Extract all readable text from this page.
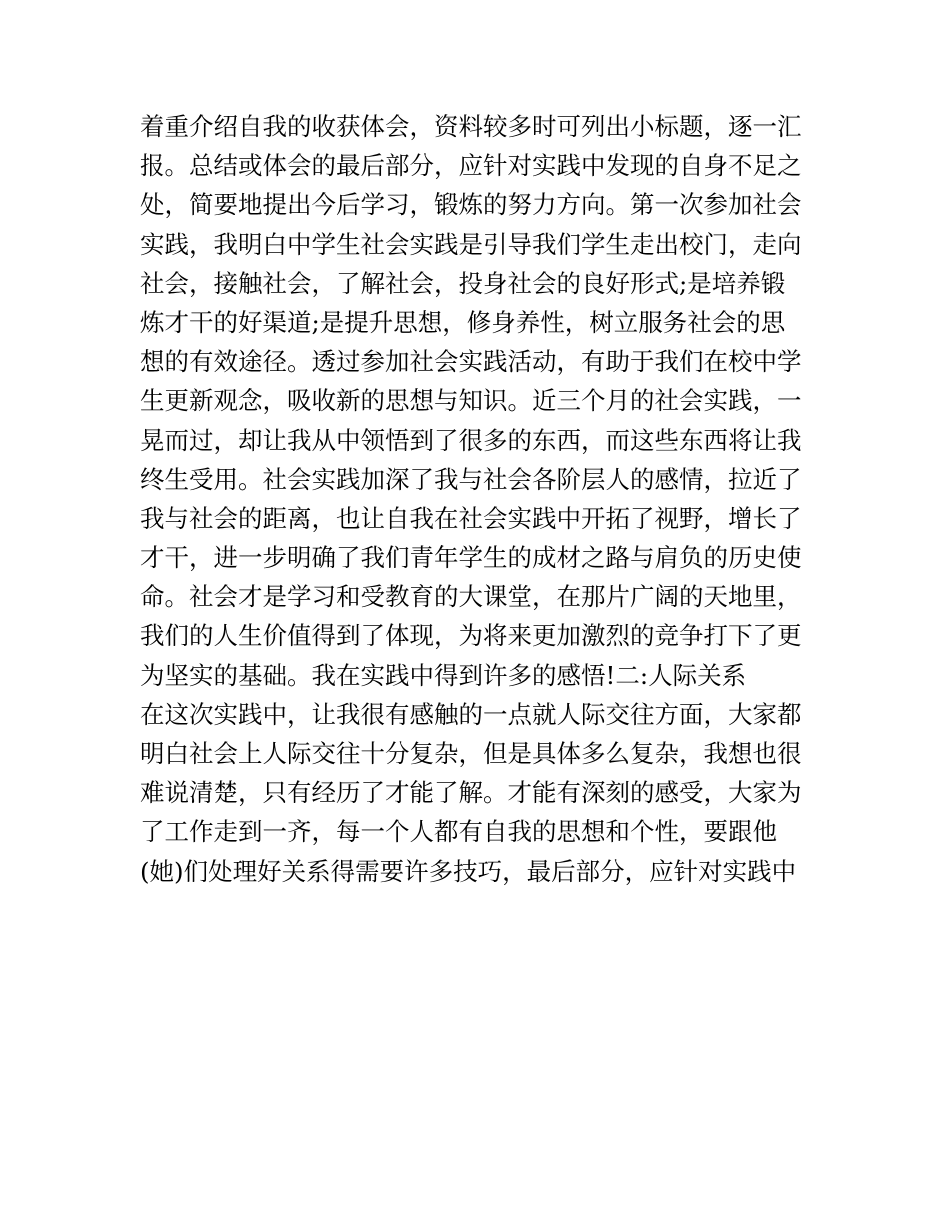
着重介绍自我的收获体会，资料较多时可列出小标题，逐一汇
报。总结或体会的最后部分，应针对实践中发现的自身不足之
处，简要地提出今后学习，锻炼的努力方向。第一次参加社会
实践，我明白中学生社会实践是引导我们学生走出校门，走向
社会，接触社会，了解社会，投身社会的良好形式;是培养锻
炼才干的好渠道;是提升思想，修身养性，树立服务社会的思
想的有效途径。透过参加社会实践活动，有助于我们在校中学
生更新观念，吸收新的思想与知识。近三个月的社会实践，一
晃而过，却让我从中领悟到了很多的东西，而这些东西将让我
终生受用。社会实践加深了我与社会各阶层人的感情，拉近了
我与社会的距离，也让自我在社会实践中开拓了视野，增长了
才干，进一步明确了我们青年学生的成材之路与肩负的历史使
命。社会才是学习和受教育的大课堂，在那片广阔的天地里，
我们的人生价值得到了体现，为将来更加激烈的竞争打下了更
为坚实的基础。我在实践中得到许多的感悟!二:人际关系
在这次实践中，让我很有感触的一点就人际交往方面，大家都
明白社会上人际交往十分复杂，但是具体多么复杂，我想也很
难说清楚，只有经历了才能了解。才能有深刻的感受，大家为
了工作走到一齐，每一个人都有自我的思想和个性，要跟他
(她)们处理好关系得需要许多技巧，最后部分，应针对实践中
